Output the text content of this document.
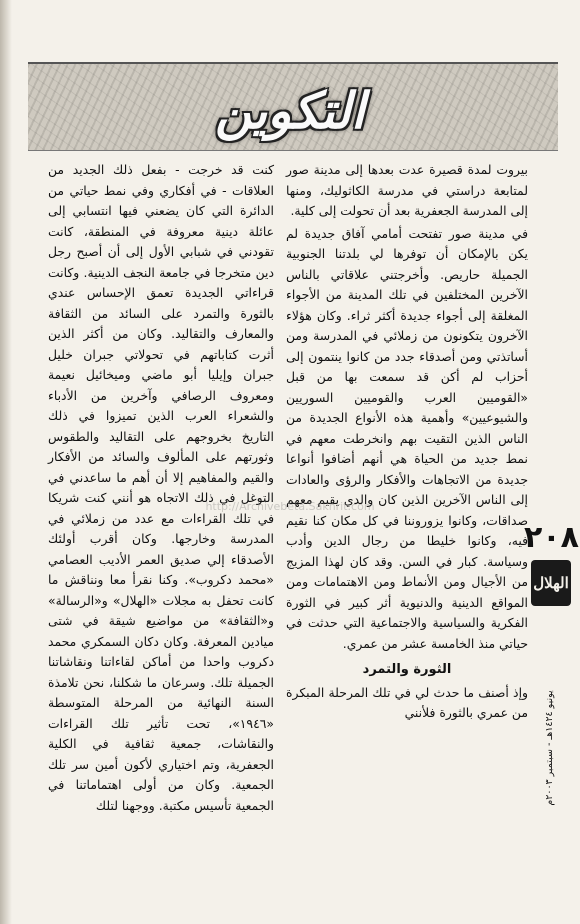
التكوين

بيروت لمدة قصيرة عدت بعدها إلى مدينة صور لمتابعة دراستي في مدرسة الكاثوليك، ومنها إلى المدرسة الجعفرية بعد أن تحولت إلى كلية.

في مدينة صور تفتحت أمامي آفاق جديدة لم يكن بالإمكان أن توفرها لي بلدتنا الجنوبية الجميلة حاريص. وأخرجتني علاقاتي بالناس الآخرين المختلفين في تلك المدينة من الأجواء المغلقة إلى أجواء جديدة أكثر ثراء. وكان هؤلاء الآخرون يتكونون من زملائي في المدرسة ومن أساتذتي ومن أصدقاء جدد من كانوا ينتمون إلى أحزاب لم أكن قد سمعت بها من قبل «القوميين العرب والقوميين السوريين والشيوعيين» وأهمية هذه الأنواع الجديدة من الناس الذين التقيت بهم وانخرطت معهم في نمط جديد من الحياة هي أنهم أضافوا أنواعا جديدة من الاتجاهات والأفكار والرؤى والعادات إلى الناس الآخرين الذين كان والدي يقيم معهم صداقات، وكانوا يزوروننا في كل مكان كنا نقيم فيه، وكانوا خليطا من رجال الدين وأدب وسياسة. كبار في السن. وقد كان لهذا المزيج من الأجيال ومن الأنماط ومن الاهتمامات ومن المواقع الدينية والدنيوية أثر كبير في الثورة الفكرية والسياسية والاجتماعية التي حدثت في حياتي منذ الخامسة عشر من عمري.

الثورة والتمرد

وإذ أصنف ما حدث لي في تلك المرحلة المبكرة من عمري بالثورة فلأنني

كنت قد خرجت - بفعل ذلك الجديد من العلاقات - في أفكاري وفي نمط حياتي من الدائرة التي كان يضعني فيها انتسابي إلى عائلة دينية معروفة في المنطقة، كانت تقودني في شبابي الأول إلى أن أصبح رجل دين متخرجا في جامعة النجف الدينية. وكانت قراءاتي الجديدة تعمق الإحساس عندي بالثورة والتمرد على السائد من الثقافة والمعارف والتقاليد. وكان من أكثر الذين أثرت كتاباتهم في تحولاتي جبران خليل جبران وإيليا أبو ماضي وميخائيل نعيمة ومعروف الرصافي وآخرين من الأدباء والشعراء العرب الذين تميزوا في ذلك التاريخ بخروجهم على التقاليد والطقوس وثورتهم على المألوف والسائد من الأفكار والقيم والمفاهيم إلا أن أهم ما ساعدني في التوغل في ذلك الاتجاه هو أنني كنت شريكا في تلك القراءات مع عدد من زملائي في المدرسة وخارجها. وكان أقرب أولئك الأصدقاء إلي صديق العمر الأديب العصامي «محمد دكروب». وكنا نقرأ معا ونناقش ما كانت تحفل به مجلات «الهلال» و«الرسالة» و«الثقافة» من مواضيع شيقة في شتى ميادين المعرفة. وكان دكان السمكري محمد دكروب واحدا من أماكن لقاءاتنا ونقاشاتنا الجميلة تلك. وسرعان ما شكلنا، نحن تلامذة السنة النهائية من المرحلة المتوسطة «١٩٤٦»، تحت تأثير تلك القراءات والنقاشات، جمعية ثقافية في الكلية الجعفرية، وتم اختياري لأكون أمين سر تلك الجمعية. وكان من أولى اهتماماتنا في الجمعية تأسيس مكتبة. ووجهنا لتلك

٢٠٨
الهلال
يونيو ١٤٢٤هـ - سبتمبر ٢٠٠٣م
http://Archivebeta.Sakhrit.com
